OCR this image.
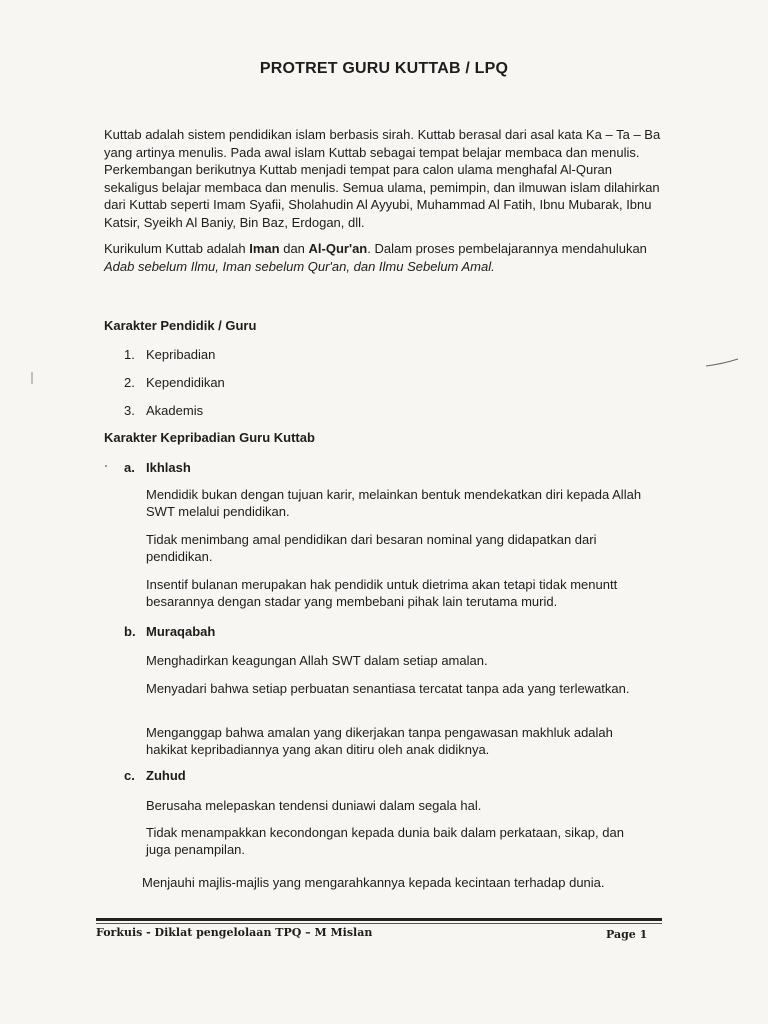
PROTRET GURU KUTTAB / LPQ

Kuttab adalah sistem pendidikan islam berbasis sirah. Kuttab berasal dari asal kata Ka – Ta – Ba yang artinya menulis. Pada awal islam Kuttab sebagai tempat belajar membaca dan menulis. Perkembangan berikutnya Kuttab menjadi tempat para calon ulama menghafal Al-Quran sekaligus belajar membaca dan menulis. Semua ulama, pemimpin, dan ilmuwan islam dilahirkan dari Kuttab seperti Imam Syafii, Sholahudin Al Ayyubi, Muhammad Al Fatih, Ibnu Mubarak, Ibnu Katsir, Syeikh Al Baniy, Bin Baz, Erdogan, dll.

Kurikulum Kuttab adalah Iman dan Al-Qur'an. Dalam proses pembelajarannya mendahulukan Adab sebelum Ilmu, Iman sebelum Qur'an, dan Ilmu Sebelum Amal.

Karakter Pendidik / Guru
1. Kepribadian
2. Kependidikan
3. Akademis
Karakter Kepribadian Guru Kuttab
a. Ikhlash

Mendidik bukan dengan tujuan karir, melainkan bentuk mendekatkan diri kepada Allah SWT melalui pendidikan.

Tidak menimbang amal pendidikan dari besaran nominal yang didapatkan dari pendidikan.

Insentif bulanan merupakan hak pendidik untuk dietrima akan tetapi tidak menuntt besarannya dengan stadar yang membebani pihak lain terutama murid.

b. Muraqabah

Menghadirkan keagungan Allah SWT dalam setiap amalan.

Menyadari bahwa setiap perbuatan senantiasa tercatat tanpa ada yang terlewatkan.

Menganggap bahwa amalan yang dikerjakan tanpa pengawasan makhluk adalah hakikat kepribadiannya yang akan ditiru oleh anak didiknya.

c. Zuhud

Berusaha melepaskan tendensi duniawi dalam segala hal.

Tidak menampakkan kecondongan kepada dunia baik dalam perkataan, sikap, dan juga penampilan.

Menjauhi majlis-majlis yang mengarahkannya kepada kecintaan terhadap dunia.

Forkuis - Diklat pengelolaan TPQ – M Mislan	Page 1
